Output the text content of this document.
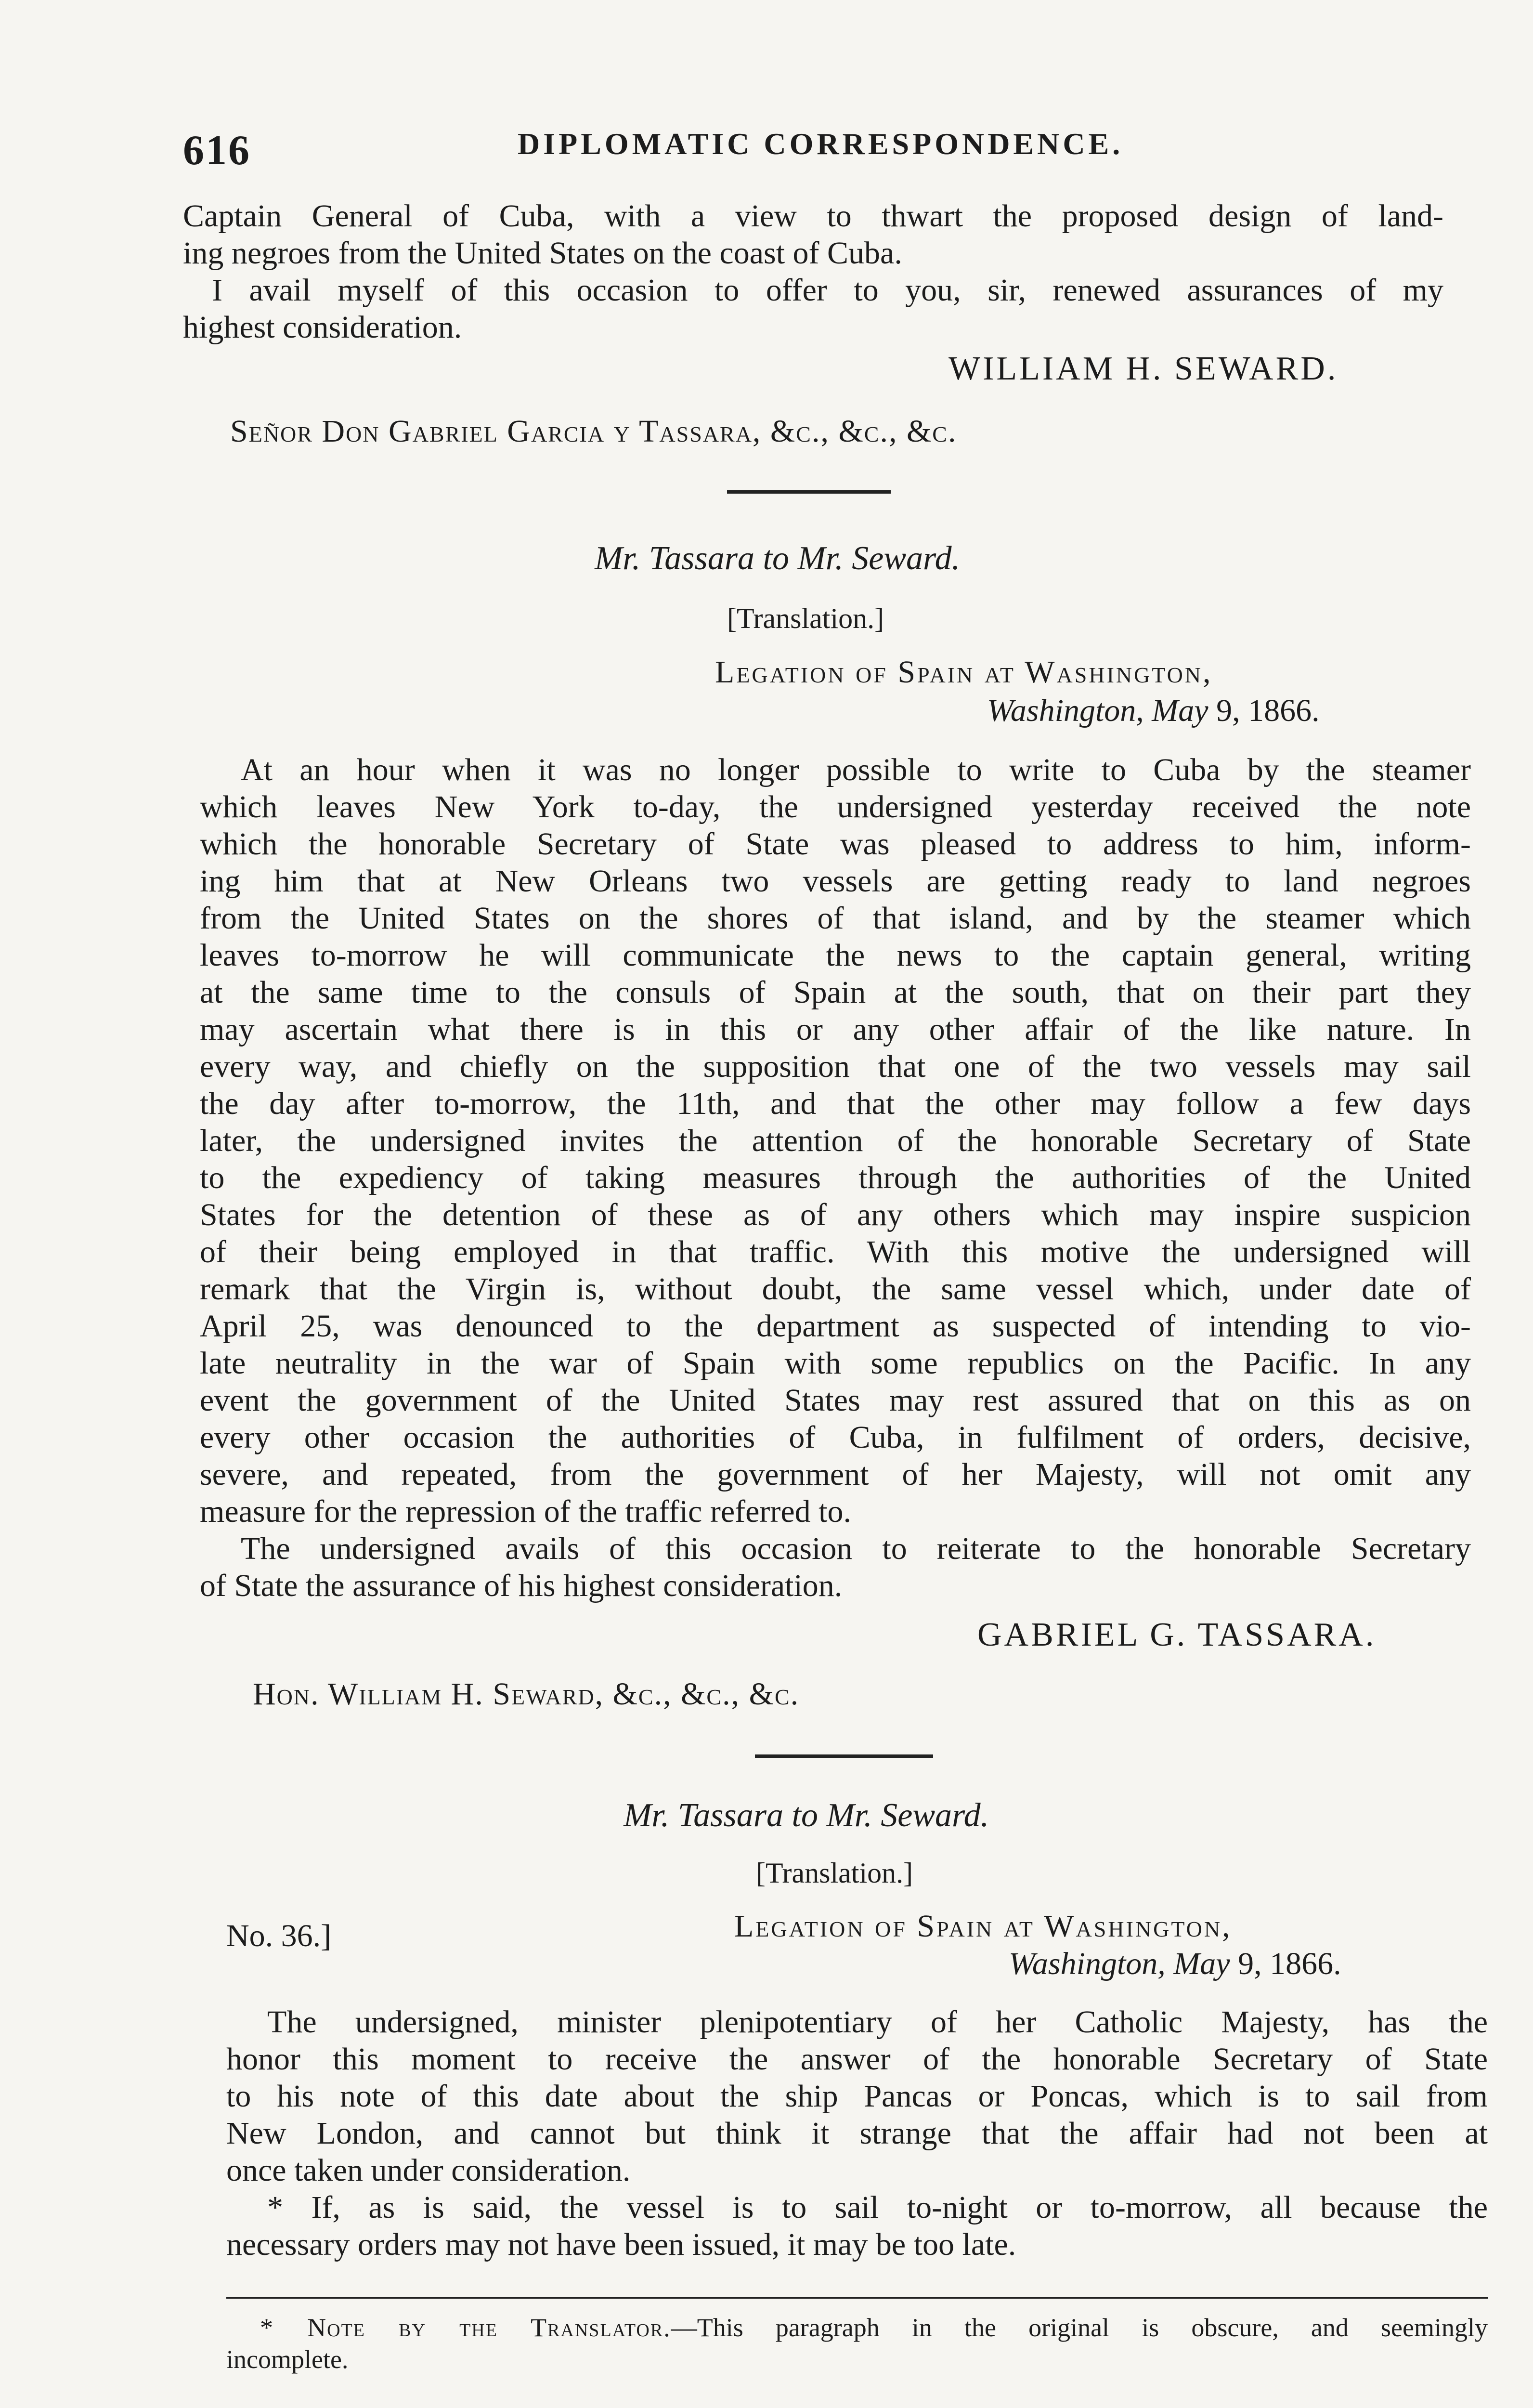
616	DIPLOMATIC CORRESPONDENCE.
Captain General of Cuba, with a view to thwart the proposed design of land-
ing negroes from the United States on the coast of Cuba.
I avail myself of this occasion to offer to you, sir, renewed assurances of my
highest consideration.
WILLIAM H. SEWARD.
Señor Don Gabriel Garcia y Tassara, &c., &c., &c.
Mr. Tassara to Mr. Seward.
[Translation.]
Legation of Spain at Washington,
Washington, May 9, 1866.
At an hour when it was no longer possible to write to Cuba by the steamer
which leaves New York to-day, the undersigned yesterday received the note
which the honorable Secretary of State was pleased to address to him, inform-
ing him that at New Orleans two vessels are getting ready to land negroes
from the United States on the shores of that island, and by the steamer which
leaves to-morrow he will communicate the news to the captain general, writing
at the same time to the consuls of Spain at the south, that on their part they
may ascertain what there is in this or any other affair of the like nature. In
every way, and chiefly on the supposition that one of the two vessels may sail
the day after to-morrow, the 11th, and that the other may follow a few days
later, the undersigned invites the attention of the honorable Secretary of State
to the expediency of taking measures through the authorities of the United
States for the detention of these as of any others which may inspire suspicion
of their being employed in that traffic. With this motive the undersigned will
remark that the Virgin is, without doubt, the same vessel which, under date of
April 25, was denounced to the department as suspected of intending to vio-
late neutrality in the war of Spain with some republics on the Pacific. In any
event the government of the United States may rest assured that on this as on
every other occasion the authorities of Cuba, in fulfilment of orders, decisive,
severe, and repeated, from the government of her Majesty, will not omit any
measure for the repression of the traffic referred to.
The undersigned avails of this occasion to reiterate to the honorable Secretary
of State the assurance of his highest consideration.
GABRIEL G. TASSARA.
Hon. William H. Seward, &c., &c., &c.
Mr. Tassara to Mr. Seward.
[Translation.]
No. 36.]	Legation of Spain at Washington,
Washington, May 9, 1866.
The undersigned, minister plenipotentiary of her Catholic Majesty, has the
honor this moment to receive the answer of the honorable Secretary of State
to his note of this date about the ship Pancas or Poncas, which is to sail from
New London, and cannot but think it strange that the affair had not been at
once taken under consideration.
* If, as is said, the vessel is to sail to-night or to-morrow, all because the
necessary orders may not have been issued, it may be too late.
* Note by the Translator.—This paragraph in the original is obscure, and seemingly
incomplete.
